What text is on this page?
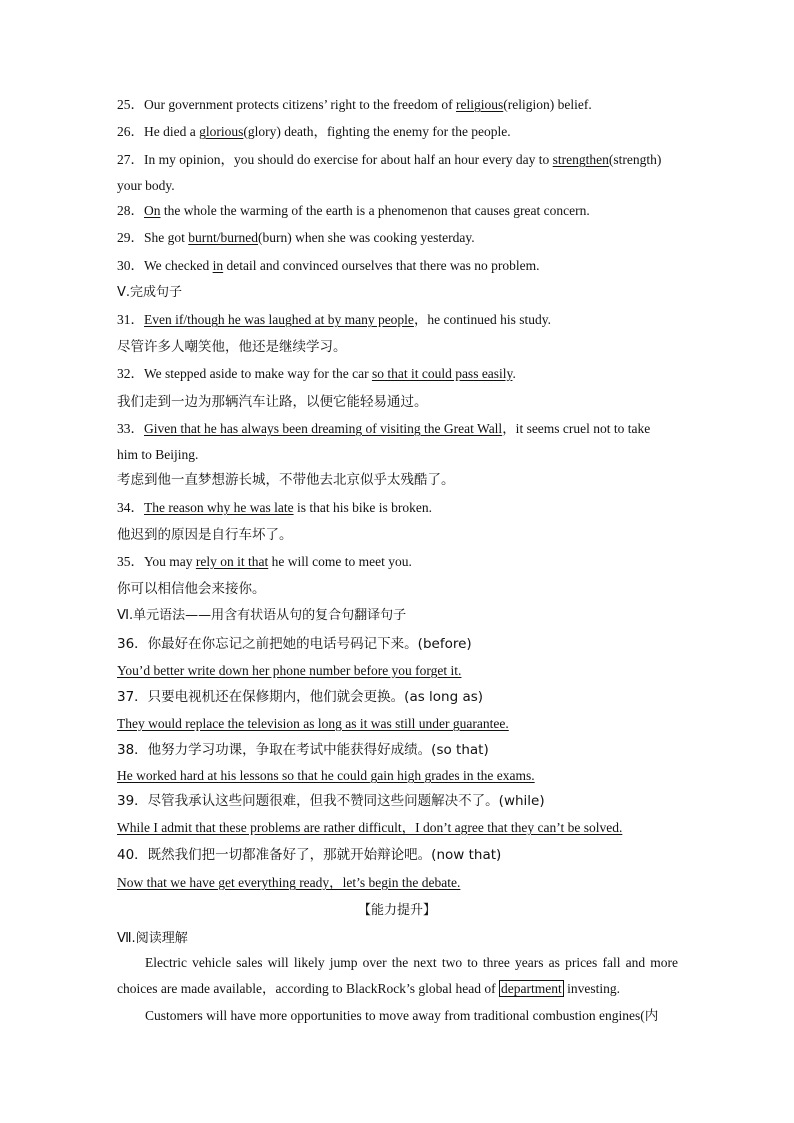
25．Our government protects citizens’ right to the freedom of religious(religion) belief.
26．He died a glorious(glory) death，fighting the enemy for the people.
27．In my opinion，you should do exercise for about half an hour every day to strengthen(strength)
your body.
28．On the whole the warming of the earth is a phenomenon that causes great concern.
29．She got burnt/burned(burn) when she was cooking yesterday.
30．We checked in detail and convinced ourselves that there was no problem.
Ⅴ.完成句子
31．Even if/though he was laughed at by many people，he continued his study.
尽管许多人嘲笑他，他还是继续学习。
32．We stepped aside to make way for the car so that it could pass easily.
我们走到一边为那辆汽车让路，以便它能轻易通过。
33．Given that he has always been dreaming of visiting the Great Wall，it seems cruel not to take
him to Beijing.
考虑到他一直梦想游长城，不带他去北京似乎太残酷了。
34．The reason why he was late is that his bike is broken.
他迟到的原因是自行车坏了。
35．You may rely on it that he will come to meet you.
你可以相信他会来接你。
Ⅵ.单元语法——用含有状语从句的复合句翻译句子
36．你最好在你忘记之前把她的电话号码记下来。(before)
You’d better write down her phone number before you forget it.
37．只要电视机还在保修期内，他们就会更换。(as long as)
They would replace the television as long as it was still under guarantee.
38．他努力学习功课，争取在考试中能获得好成绩。(so that)
He worked hard at his lessons so that he could gain high grades in the exams.
39．尽管我承认这些问题很难，但我不赞同这些问题解决不了。(while)
While I admit that these problems are rather difficult，I don’t agree that they can’t be solved.
40．既然我们把一切都准备好了，那就开始辩论吧。(now that)
Now that we have get everything ready，let’s begin the debate.
【能力提升】
Ⅶ.阅读理解
Electric vehicle sales will likely jump over the next two to three years as prices fall and more
choices are made available，according to BlackRock’s global head of department investing.
Customers will have more opportunities to move away from traditional combustion engines(内
